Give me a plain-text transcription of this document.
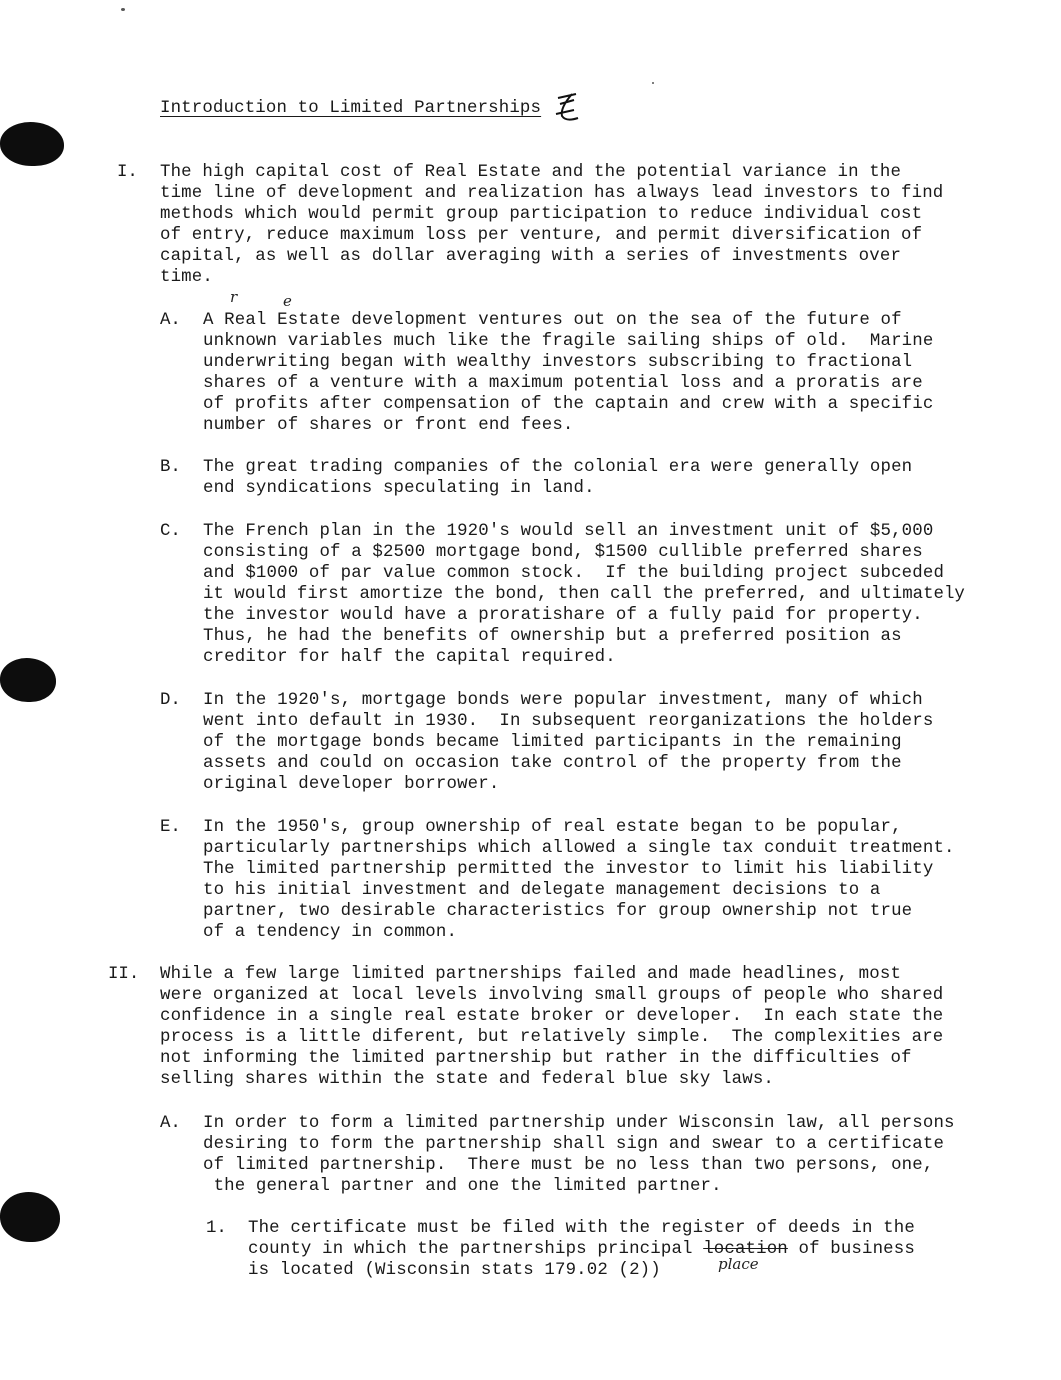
Introduction to Limited Partnerships
I. The high capital cost of Real Estate and the potential variance in the
time line of development and realization has always lead investors to find
methods which would permit group participation to reduce individual cost
of entry, reduce maximum loss per venture, and permit diversification of
capital, as well as dollar averaging with a series of investments over
time.
r	e
A. A Real Estate development ventures out on the sea of the future of
unknown variables much like the fragile sailing ships of old.  Marine
underwriting began with wealthy investors subscribing to fractional
shares of a venture with a maximum potential loss and a proratis are
of profits after compensation of the captain and crew with a specific
number of shares or front end fees.
B. The great trading companies of the colonial era were generally open
end syndications speculating in land.
C. The French plan in the 1920's would sell an investment unit of $5,000
consisting of a $2500 mortgage bond, $1500 cullible preferred shares
and $1000 of par value common stock.  If the building project subceded
it would first amortize the bond, then call the preferred, and ultimately
the investor would have a proratishare of a fully paid for property.
Thus, he had the benefits of ownership but a preferred position as
creditor for half the capital required.
D. In the 1920's, mortgage bonds were popular investment, many of which
went into default in 1930.  In subsequent reorganizations the holders
of the mortgage bonds became limited participants in the remaining
assets and could on occasion take control of the property from the
original developer borrower.
E. In the 1950's, group ownership of real estate began to be popular,
particularly partnerships which allowed a single tax conduit treatment.
The limited partnership permitted the investor to limit his liability
to his initial investment and delegate management decisions to a
partner, two desirable characteristics for group ownership not true
of a tendency in common.
II. While a few large limited partnerships failed and made headlines, most
were organized at local levels involving small groups of people who shared
confidence in a single real estate broker or developer.  In each state the
process is a little diferent, but relatively simple.  The complexities are
not informing the limited partnership but rather in the difficulties of
selling shares within the state and federal blue sky laws.
A. In order to form a limited partnership under Wisconsin law, all persons
desiring to form the partnership shall sign and swear to a certificate
of limited partnership.  There must be no less than two persons, one,
the general partner and one the limited partner.
1. The certificate must be filed with the register of deeds in the
county in which the partnerships principal location of business
is located (Wisconsin stats 179.02 (2))	place
